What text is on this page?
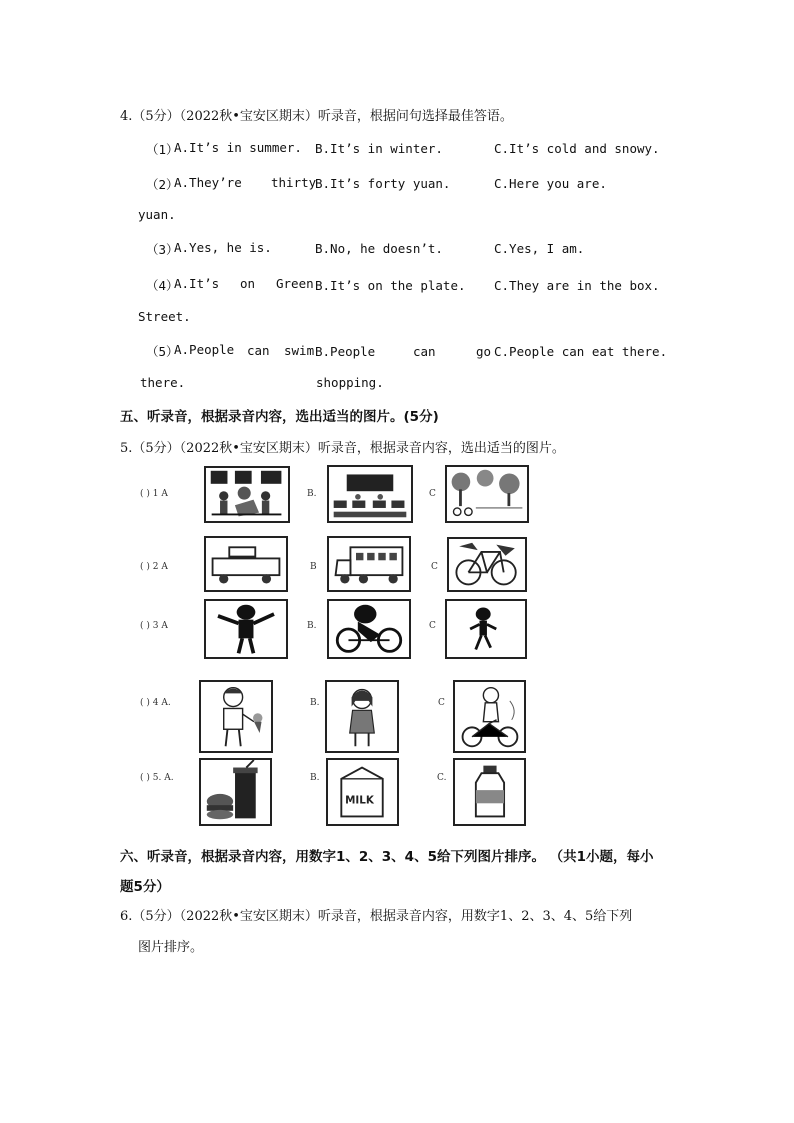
4.（5分）（2022秋•宝安区期末）听录音，根据问句选择最佳答语。
（1）
A.It’s in summer. B.It’s in winter.	C.It’s cold and snowy.
（2）
A.They’re thirty
yuan.
B.It’s forty yuan.	C.Here you are.
（3）
A.Yes, he is.	B.No, he doesn’t.	C.Yes, I am.
（4）
A.It’s on Green
Street.
B.It’s on the plate. C.They are in the box.
（5）
A.People can swim
there.
B.People	can	go
shopping.
C.People can eat there.
五、听录音，根据录音内容，选出适当的图片。(5分)
5.（5分）（2022秋•宝安区期末）听录音，根据录音内容，选出适当的图片。
( ) 1 A	B.	C
( ) 2 A	B	C
( ) 3 A	B.	C
( ) 4 A.	B.	C
( ) 5. A.	B.
MILK
C.
六、听录音，根据录音内容，用数字1、2、3、4、5给下列图片排序。 （共1小题，每小
题5分）
6.（5分）（2022秋•宝安区期末）听录音，根据录音内容，用数字1、2、3、4、5给下列
图片排序。
